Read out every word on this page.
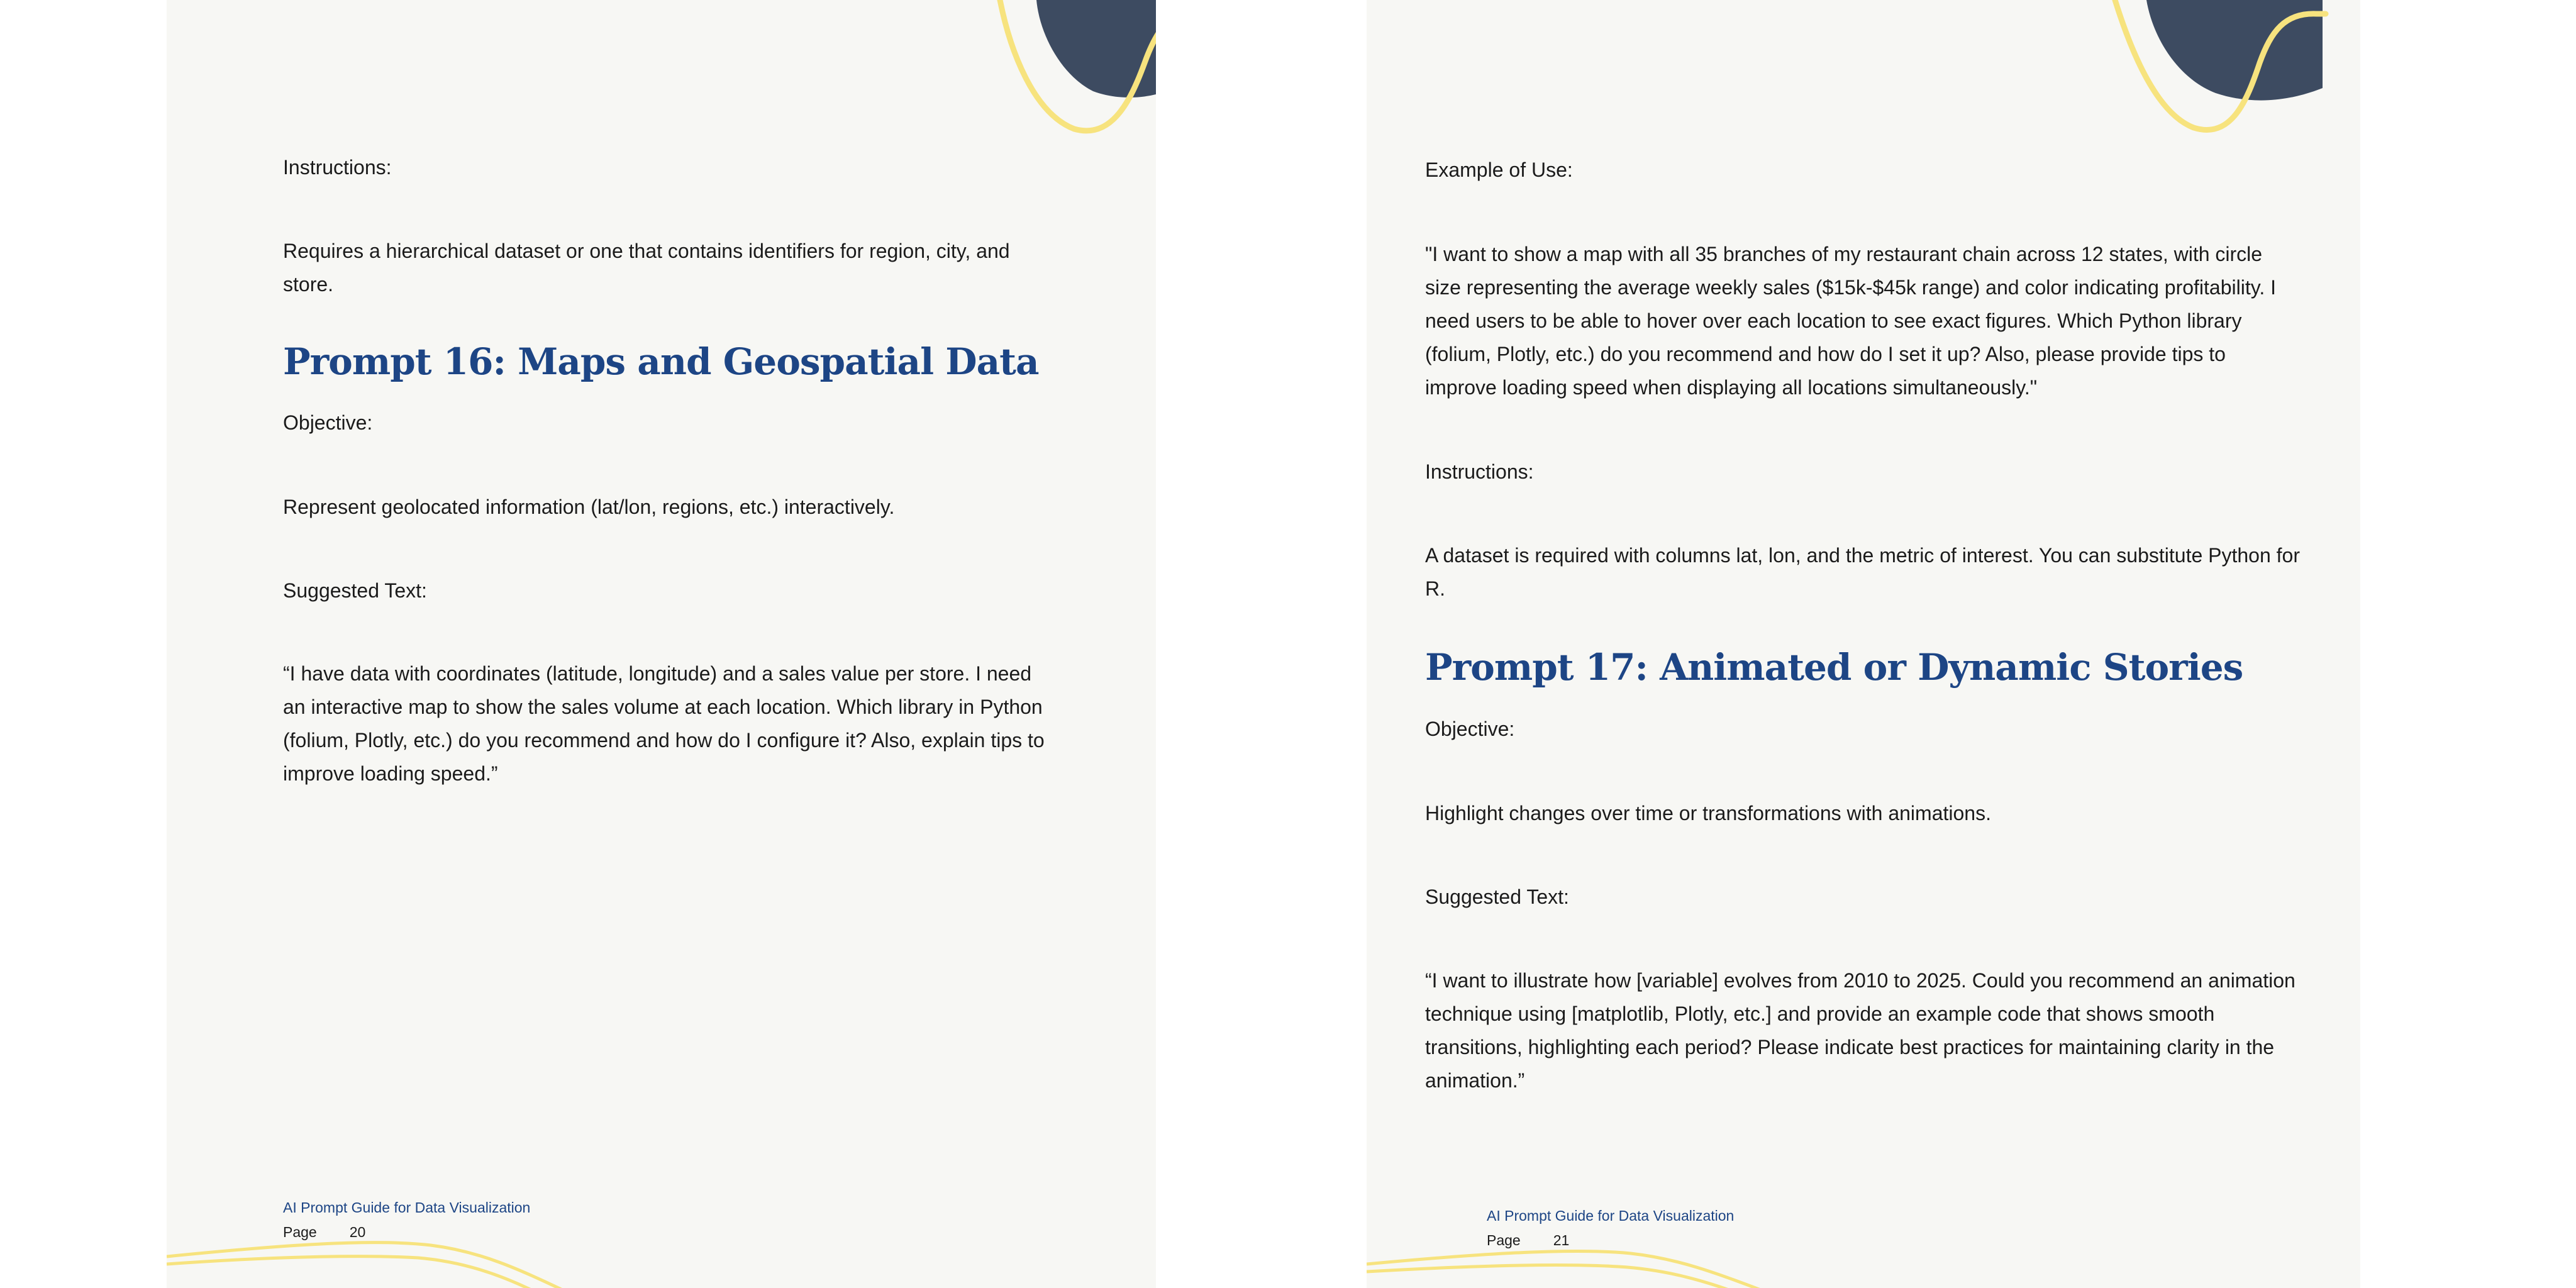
Instructions:

Requires a hierarchical dataset or one that contains identifiers for region, city, and store.

Prompt 16: Maps and Geospatial Data

Objective:

Represent geolocated information (lat/lon, regions, etc.) interactively.

Suggested Text:

“I have data with coordinates (latitude, longitude) and a sales value per store. I need an interactive map to show the sales volume at each location. Which library in Python (folium, Plotly, etc.) do you recommend and how do I configure it? Also, explain tips to improve loading speed.”

AI Prompt Guide for Data Visualization

Page 20

Example of Use:

"I want to show a map with all 35 branches of my restaurant chain across 12 states, with circle size representing the average weekly sales ($15k-$45k range) and color indicating profitability. I need users to be able to hover over each location to see exact figures. Which Python library (folium, Plotly, etc.) do you recommend and how do I set it up? Also, please provide tips to improve loading speed when displaying all locations simultaneously."

Instructions:

A dataset is required with columns lat, lon, and the metric of interest. You can substitute Python for R.

Prompt 17: Animated or Dynamic Stories

Objective:

Highlight changes over time or transformations with animations.

Suggested Text:

“I want to illustrate how [variable] evolves from 2010 to 2025. Could you recommend an animation technique using [matplotlib, Plotly, etc.] and provide an example code that shows smooth transitions, highlighting each period? Please indicate best practices for maintaining clarity in the animation.”

AI Prompt Guide for Data Visualization

Page 21
